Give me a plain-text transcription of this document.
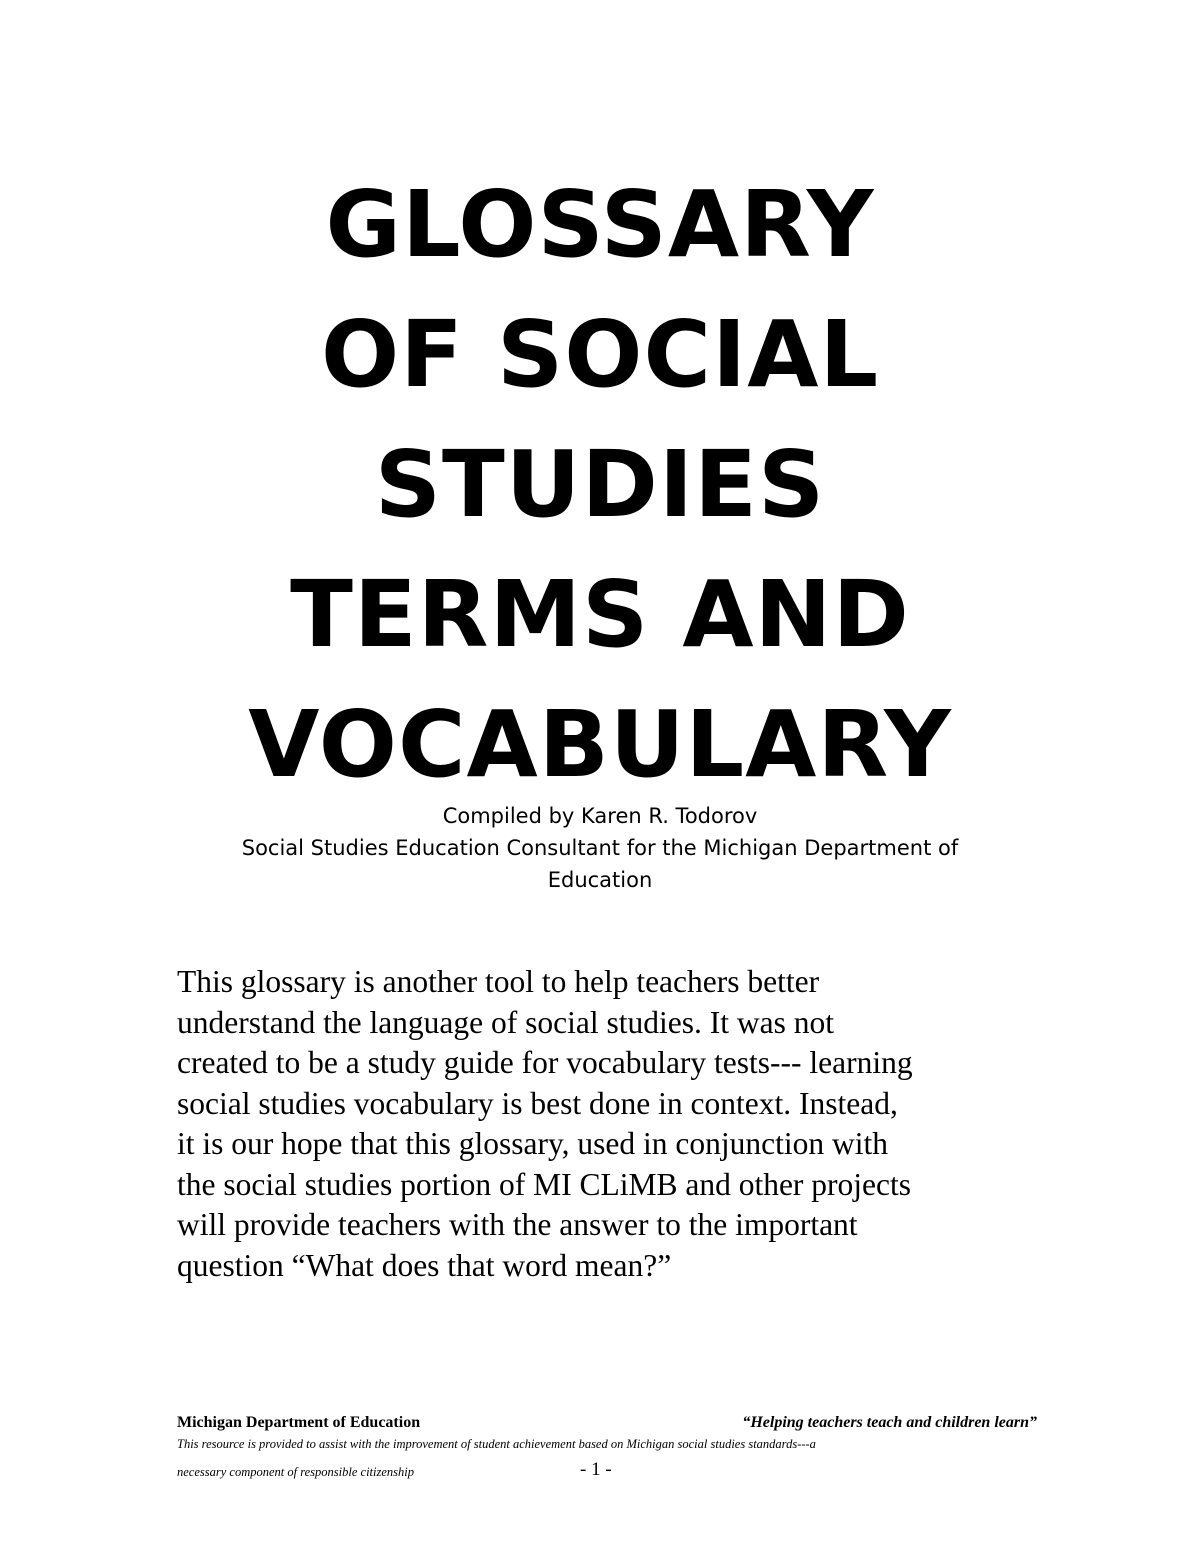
GLOSSARY
OF SOCIAL
STUDIES
TERMS AND
VOCABULARY
Compiled by Karen R. Todorov
Social Studies Education Consultant for the Michigan Department of
Education

This glossary is another tool to help teachers better
understand the language of social studies. It was not
created to be a study guide for vocabulary tests--- learning
social studies vocabulary is best done in context. Instead,
it is our hope that this glossary, used in conjunction with
the social studies portion of MI CLiMB and other projects
will provide teachers with the answer to the important
question “What does that word mean?”

Michigan Department of Education	“Helping teachers teach and children learn”
This resource is provided to assist with the improvement of student achievement based on Michigan social studies standards---a
necessary component of responsible citizenship	- 1 -
